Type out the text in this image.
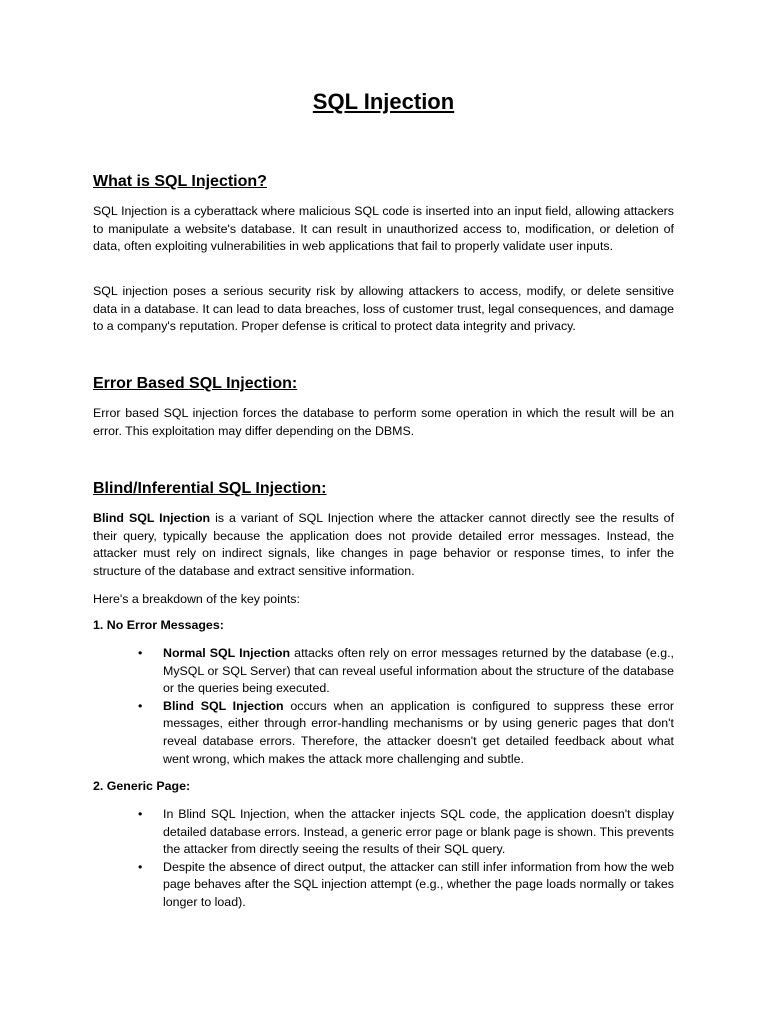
SQL Injection
What is SQL Injection?

SQL Injection is a cyberattack where malicious SQL code is inserted into an input field, allowing attackers to manipulate a website's database. It can result in unauthorized access to, modification, or deletion of data, often exploiting vulnerabilities in web applications that fail to properly validate user inputs.

SQL injection poses a serious security risk by allowing attackers to access, modify, or delete sensitive data in a database. It can lead to data breaches, loss of customer trust, legal consequences, and damage to a company's reputation. Proper defense is critical to protect data integrity and privacy.

Error Based SQL Injection:

Error based SQL injection forces the database to perform some operation in which the result will be an error. This exploitation may differ depending on the DBMS.

Blind/Inferential SQL Injection:

Blind SQL Injection is a variant of SQL Injection where the attacker cannot directly see the results of their query, typically because the application does not provide detailed error messages. Instead, the attacker must rely on indirect signals, like changes in page behavior or response times, to infer the structure of the database and extract sensitive information.

Here's a breakdown of the key points:

1. No Error Messages:

• Normal SQL Injection attacks often rely on error messages returned by the database (e.g., MySQL or SQL Server) that can reveal useful information about the structure of the database or the queries being executed.
• Blind SQL Injection occurs when an application is configured to suppress these error messages, either through error-handling mechanisms or by using generic pages that don't reveal database errors. Therefore, the attacker doesn't get detailed feedback about what went wrong, which makes the attack more challenging and subtle.

2. Generic Page:

• In Blind SQL Injection, when the attacker injects SQL code, the application doesn't display detailed database errors. Instead, a generic error page or blank page is shown. This prevents the attacker from directly seeing the results of their SQL query.
• Despite the absence of direct output, the attacker can still infer information from how the web page behaves after the SQL injection attempt (e.g., whether the page loads normally or takes longer to load).
